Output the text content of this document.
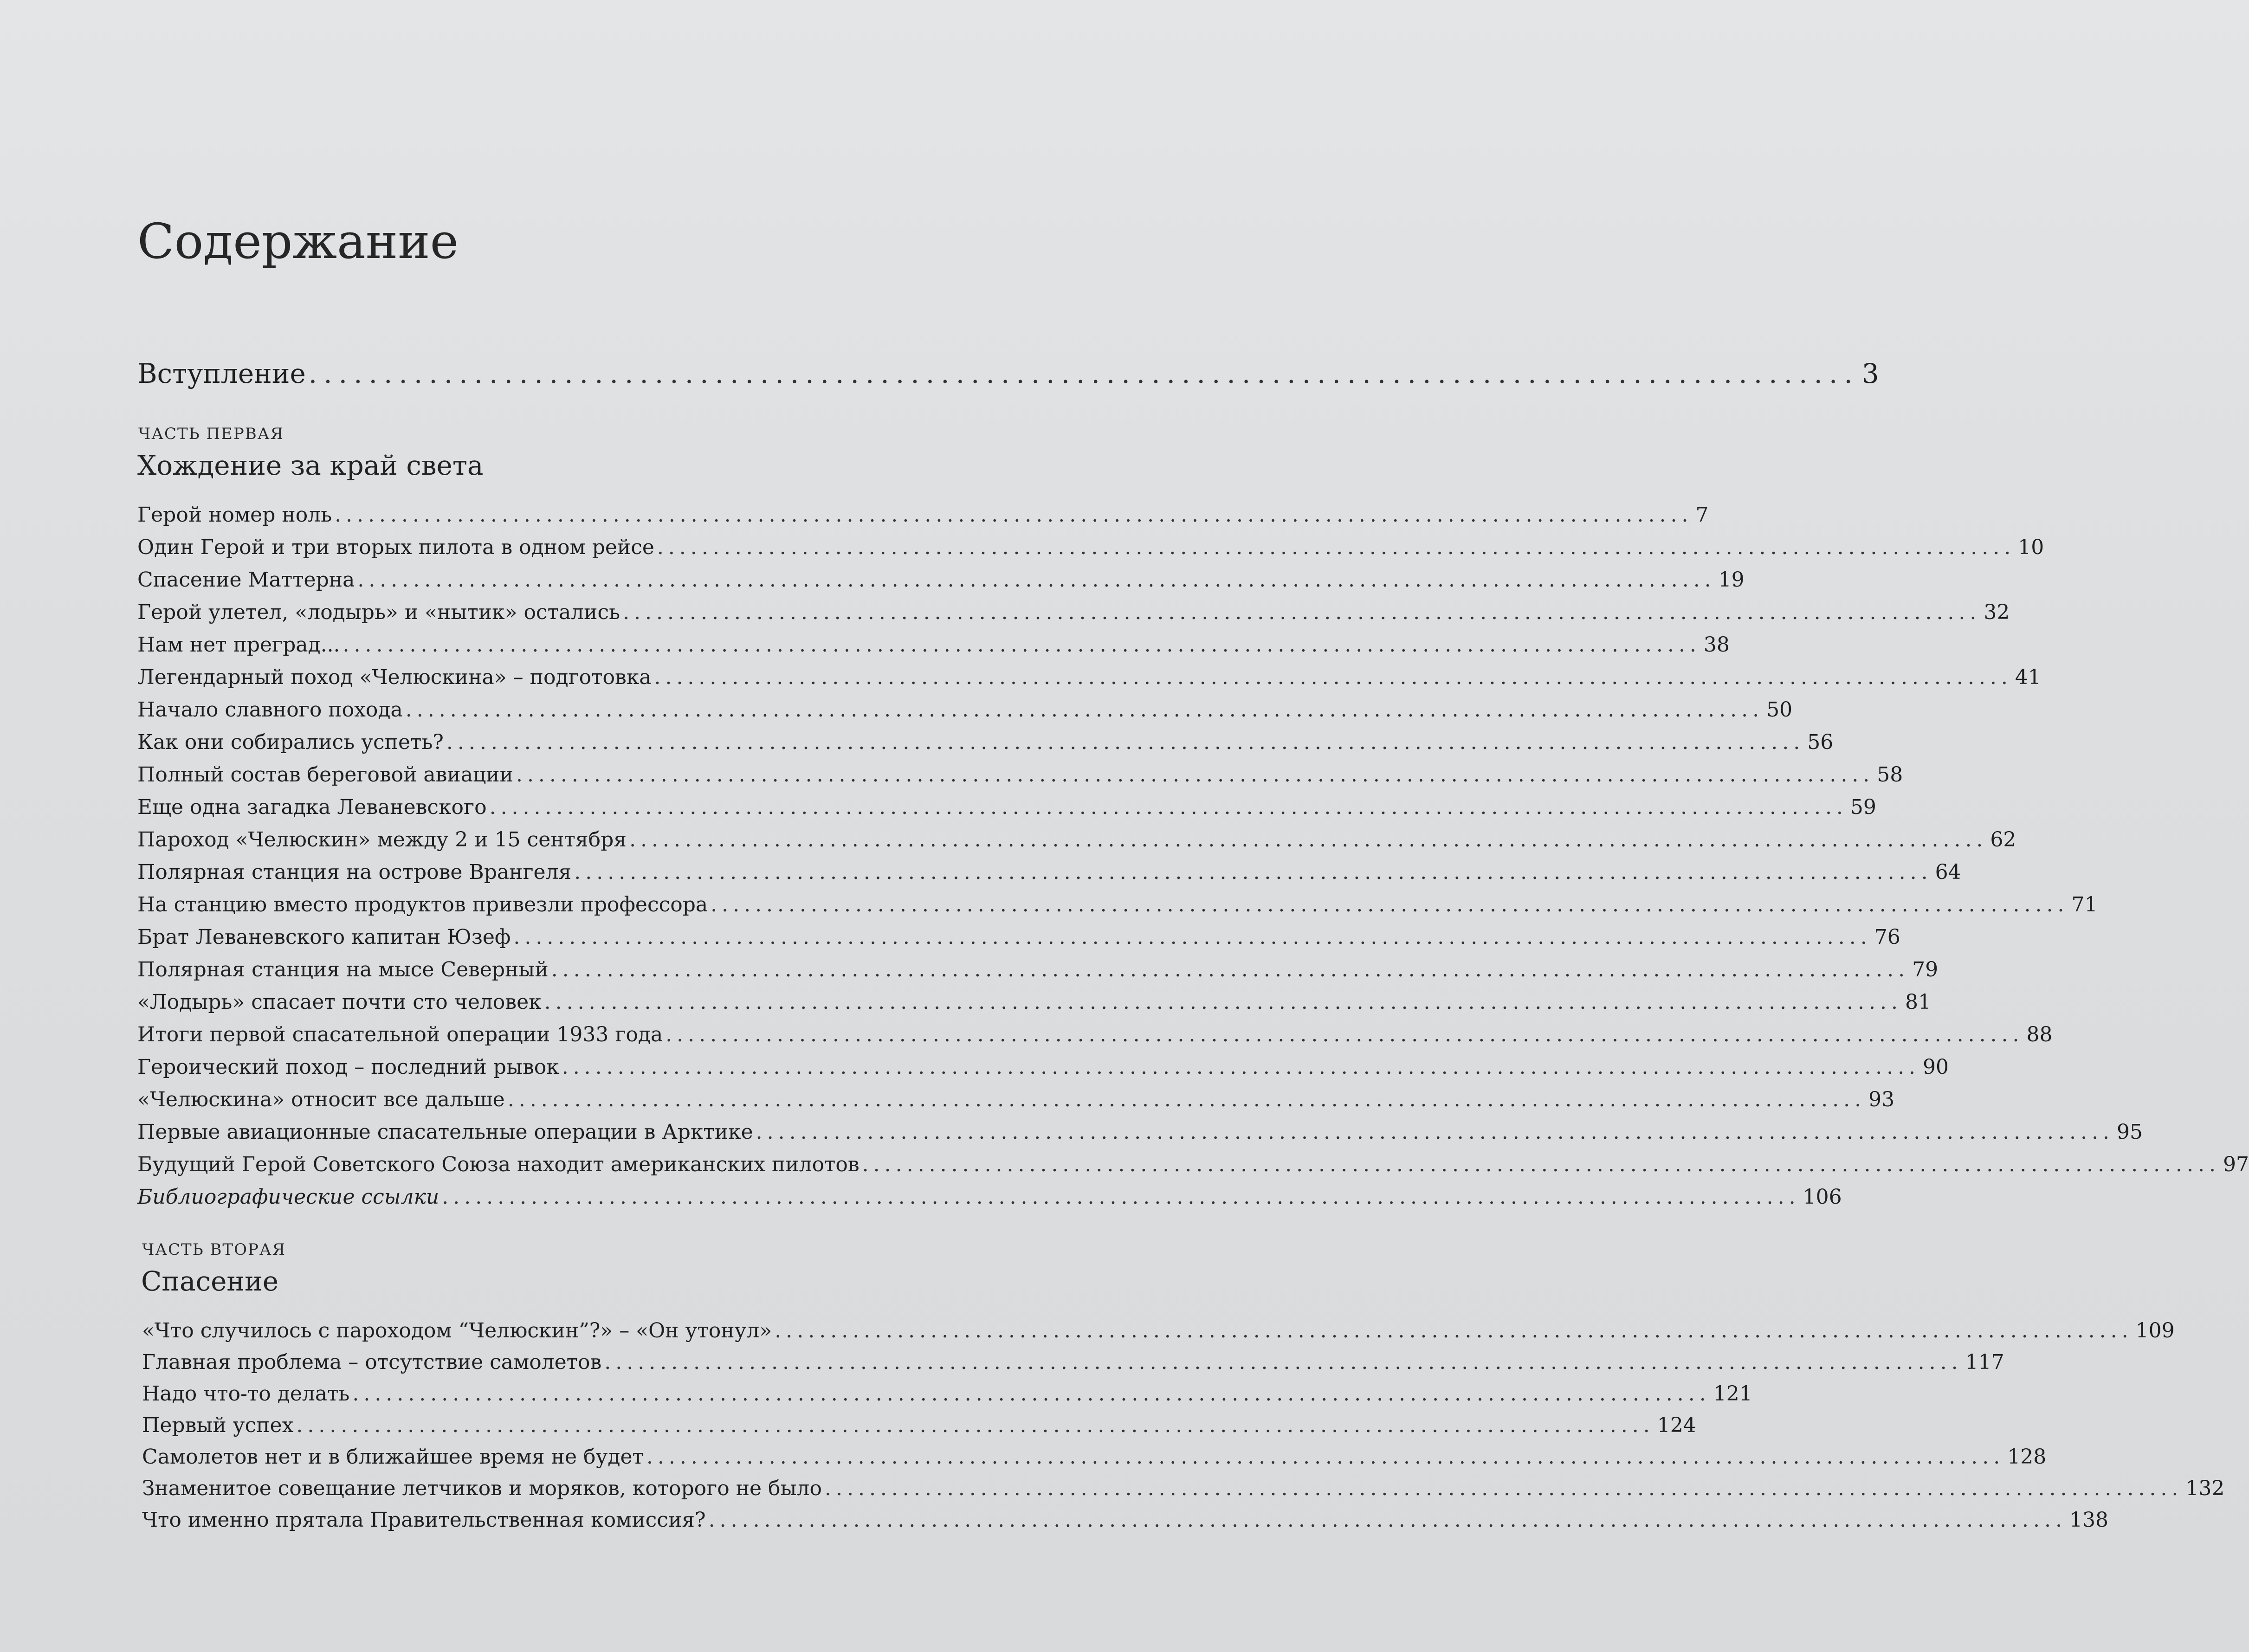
Содержание
Вступление ....................................................................................................... 3
ЧАСТЬ ПЕРВАЯ
Хождение за край света
Герой номер ноль .......................................................................................................................... 7
Один Герой и три вторых пилота в одном рейсе .......................................................................................................................... 10
Спасение Маттерна .......................................................................................................................... 19
Герой улетел, «лодырь» и «нытик» остались .......................................................................................................................... 32
Нам нет преград... .......................................................................................................................... 38
Легендарный поход «Челюскина» – подготовка .......................................................................................................................... 41
Начало славного похода .......................................................................................................................... 50
Как они собирались успеть? .......................................................................................................................... 56
Полный состав береговой авиации .......................................................................................................................... 58
Еще одна загадка Леваневского .......................................................................................................................... 59
Пароход «Челюскин» между 2 и 15 сентября .......................................................................................................................... 62
Полярная станция на острове Врангеля .......................................................................................................................... 64
На станцию вместо продуктов привезли профессора .......................................................................................................................... 71
Брат Леваневского капитан Юзеф .......................................................................................................................... 76
Полярная станция на мысе Северный .......................................................................................................................... 79
«Лодырь» спасает почти сто человек .......................................................................................................................... 81
Итоги первой спасательной операции 1933 года .......................................................................................................................... 88
Героический поход – последний рывок .......................................................................................................................... 90
«Челюскина» относит все дальше .......................................................................................................................... 93
Первые авиационные спасательные операции в Арктике .......................................................................................................................... 95
Будущий Герой Советского Союза находит американских пилотов .......................................................................................................................... 97
Библиографические ссылки .......................................................................................................................... 106
ЧАСТЬ ВТОРАЯ
Спасение
«Что случилось с пароходом “Челюскин”?» – «Он утонул» .......................................................................................................................... 109
Главная проблема – отсутствие самолетов .......................................................................................................................... 117
Надо что-то делать .......................................................................................................................... 121
Первый успех .......................................................................................................................... 124
Самолетов нет и в ближайшее время не будет .......................................................................................................................... 128
Знаменитое совещание летчиков и моряков, которого не было .......................................................................................................................... 132
Что именно прятала Правительственная комиссия? .......................................................................................................................... 138
